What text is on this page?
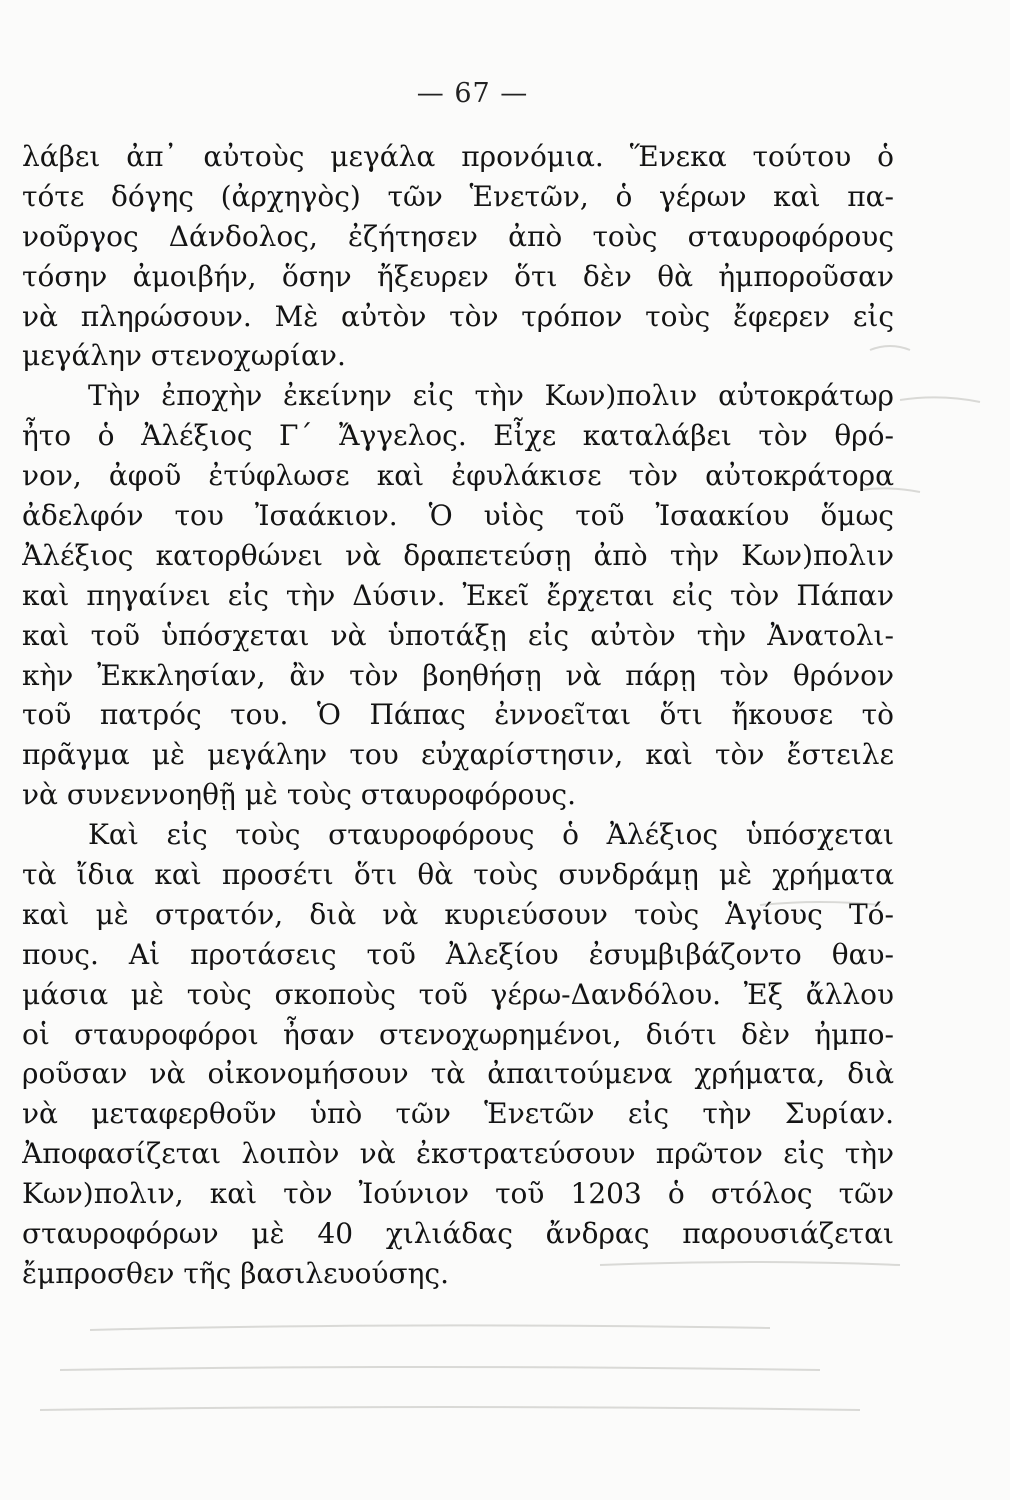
— 67 —
λάβει ἀπ᾽ αὐτοὺς μεγάλα προνόμια. Ἕνεκα τούτου ὁ
τότε δόγης (ἀρχηγὸς) τῶν Ἑνετῶν, ὁ γέρων καὶ πα-
νοῦργος Δάνδολος, ἐζήτησεν ἀπὸ τοὺς σταυροφόρους
τόσην ἀμοιβήν, ὅσην ἤξευρεν ὅτι δὲν θὰ ἠμποροῦσαν
νὰ πληρώσουν. Μὲ αὐτὸν τὸν τρόπον τοὺς ἔφερεν εἰς
μεγάλην στενοχωρίαν.
Τὴν ἐποχὴν ἐκείνην εἰς τὴν Κων)πολιν αὐτοκράτωρ
ἦτο ὁ Ἀλέξιος Γ΄ Ἄγγελος. Εἶχε καταλάβει τὸν θρό-
νον, ἀφοῦ ἐτύφλωσε καὶ ἐφυλάκισε τὸν αὐτοκράτορα
ἀδελφόν του Ἰσαάκιον. Ὁ υἱὸς τοῦ Ἰσαακίου ὅμως
Ἀλέξιος κατορθώνει νὰ δραπετεύσῃ ἀπὸ τὴν Κων)πολιν
καὶ πηγαίνει εἰς τὴν Δύσιν. Ἐκεῖ ἔρχεται εἰς τὸν Πάπαν
καὶ τοῦ ὑπόσχεται νὰ ὑποτάξῃ εἰς αὐτὸν τὴν Ἀνατολι-
κὴν Ἐκκλησίαν, ἂν τὸν βοηθήσῃ νὰ πάρῃ τὸν θρόνον
τοῦ πατρός του. Ὁ Πάπας ἐννοεῖται ὅτι ἤκουσε τὸ
πρᾶγμα μὲ μεγάλην του εὐχαρίστησιν, καὶ τὸν ἔστειλε
νὰ συνεννοηθῇ μὲ τοὺς σταυροφόρους.
Καὶ εἰς τοὺς σταυροφόρους ὁ Ἀλέξιος ὑπόσχεται
τὰ ἴδια καὶ προσέτι ὅτι θὰ τοὺς συνδράμῃ μὲ χρήματα
καὶ μὲ στρατόν, διὰ νὰ κυριεύσουν τοὺς Ἁγίους Τό-
πους. Αἱ προτάσεις τοῦ Ἀλεξίου ἐσυμβιβάζοντο θαυ-
μάσια μὲ τοὺς σκοποὺς τοῦ γέρω-Δανδόλου. Ἐξ ἄλλου
οἱ σταυροφόροι ἦσαν στενοχωρημένοι, διότι δὲν ἠμπο-
ροῦσαν νὰ οἰκονομήσουν τὰ ἀπαιτούμενα χρήματα, διὰ
νὰ μεταφερθοῦν ὑπὸ τῶν Ἑνετῶν εἰς τὴν Συρίαν.
Ἀποφασίζεται λοιπὸν νὰ ἐκστρατεύσουν πρῶτον εἰς τὴν
Κων)πολιν, καὶ τὸν Ἰούνιον τοῦ 1203 ὁ στόλος τῶν
σταυροφόρων μὲ 40 χιλιάδας ἄνδρας παρουσιάζεται
ἔμπροσθεν τῆς βασιλευούσης.
